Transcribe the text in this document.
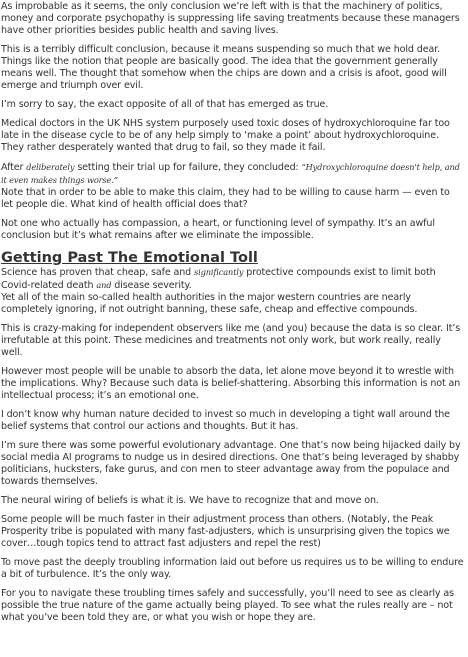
As improbable as it seems, the only conclusion we’re left with is that the machinery of politics, money and corporate psychopathy is suppressing life saving treatments because these managers have other priorities besides public health and saving lives.

This is a terribly difficult conclusion, because it means suspending so much that we hold dear. Things like the notion that people are basically good. The idea that the government generally means well. The thought that somehow when the chips are down and a crisis is afoot, good will emerge and triumph over evil.

I’m sorry to say, the exact opposite of all of that has emerged as true.

Medical doctors in the UK NHS system purposely used toxic doses of hydroxychloroquine far too late in the disease cycle to be of any help simply to ‘make a point’ about hydroxychloroquine. They rather desperately wanted that drug to fail, so they made it fail.

After deliberately setting their trial up for failure, they concluded: “Hydroxychloroquine doesn't help, and it even makes things worse.”

Note that in order to be able to make this claim, they had to be willing to cause harm — even to let people die. What kind of health official does that?

Not one who actually has compassion, a heart, or functioning level of sympathy. It’s an awful conclusion but it’s what remains after we eliminate the impossible.

Getting Past The Emotional Toll

Science has proven that cheap, safe and significantly protective compounds exist to limit both Covid-related death and disease severity.

Yet all of the main so-called health authorities in the major western countries are nearly completely ignoring, if not outright banning, these safe, cheap and effective compounds.

This is crazy-making for independent observers like me (and you) because the data is so clear. It’s irrefutable at this point. These medicines and treatments not only work, but work really, really well.

However most people will be unable to absorb the data, let alone move beyond it to wrestle with the implications. Why? Because such data is belief-shattering. Absorbing this information is not an intellectual process; it’s an emotional one.

I don’t know why human nature decided to invest so much in developing a tight wall around the belief systems that control our actions and thoughts. But it has.

I’m sure there was some powerful evolutionary advantage. One that’s now being hijacked daily by social media AI programs to nudge us in desired directions. One that’s being leveraged by shabby politicians, hucksters, fake gurus, and con men to steer advantage away from the populace and towards themselves.

The neural wiring of beliefs is what it is. We have to recognize that and move on.

Some people will be much faster in their adjustment process than others. (Notably, the Peak Prosperity tribe is populated with many fast-adjusters, which is unsurprising given the topics we cover…tough topics tend to attract fast adjusters and repel the rest)

To move past the deeply troubling information laid out before us requires us to be willing to endure a bit of turbulence. It’s the only way.

For you to navigate these troubling times safely and successfully, you’ll need to see as clearly as possible the true nature of the game actually being played. To see what the rules really are – not what you’ve been told they are, or what you wish or hope they are.
